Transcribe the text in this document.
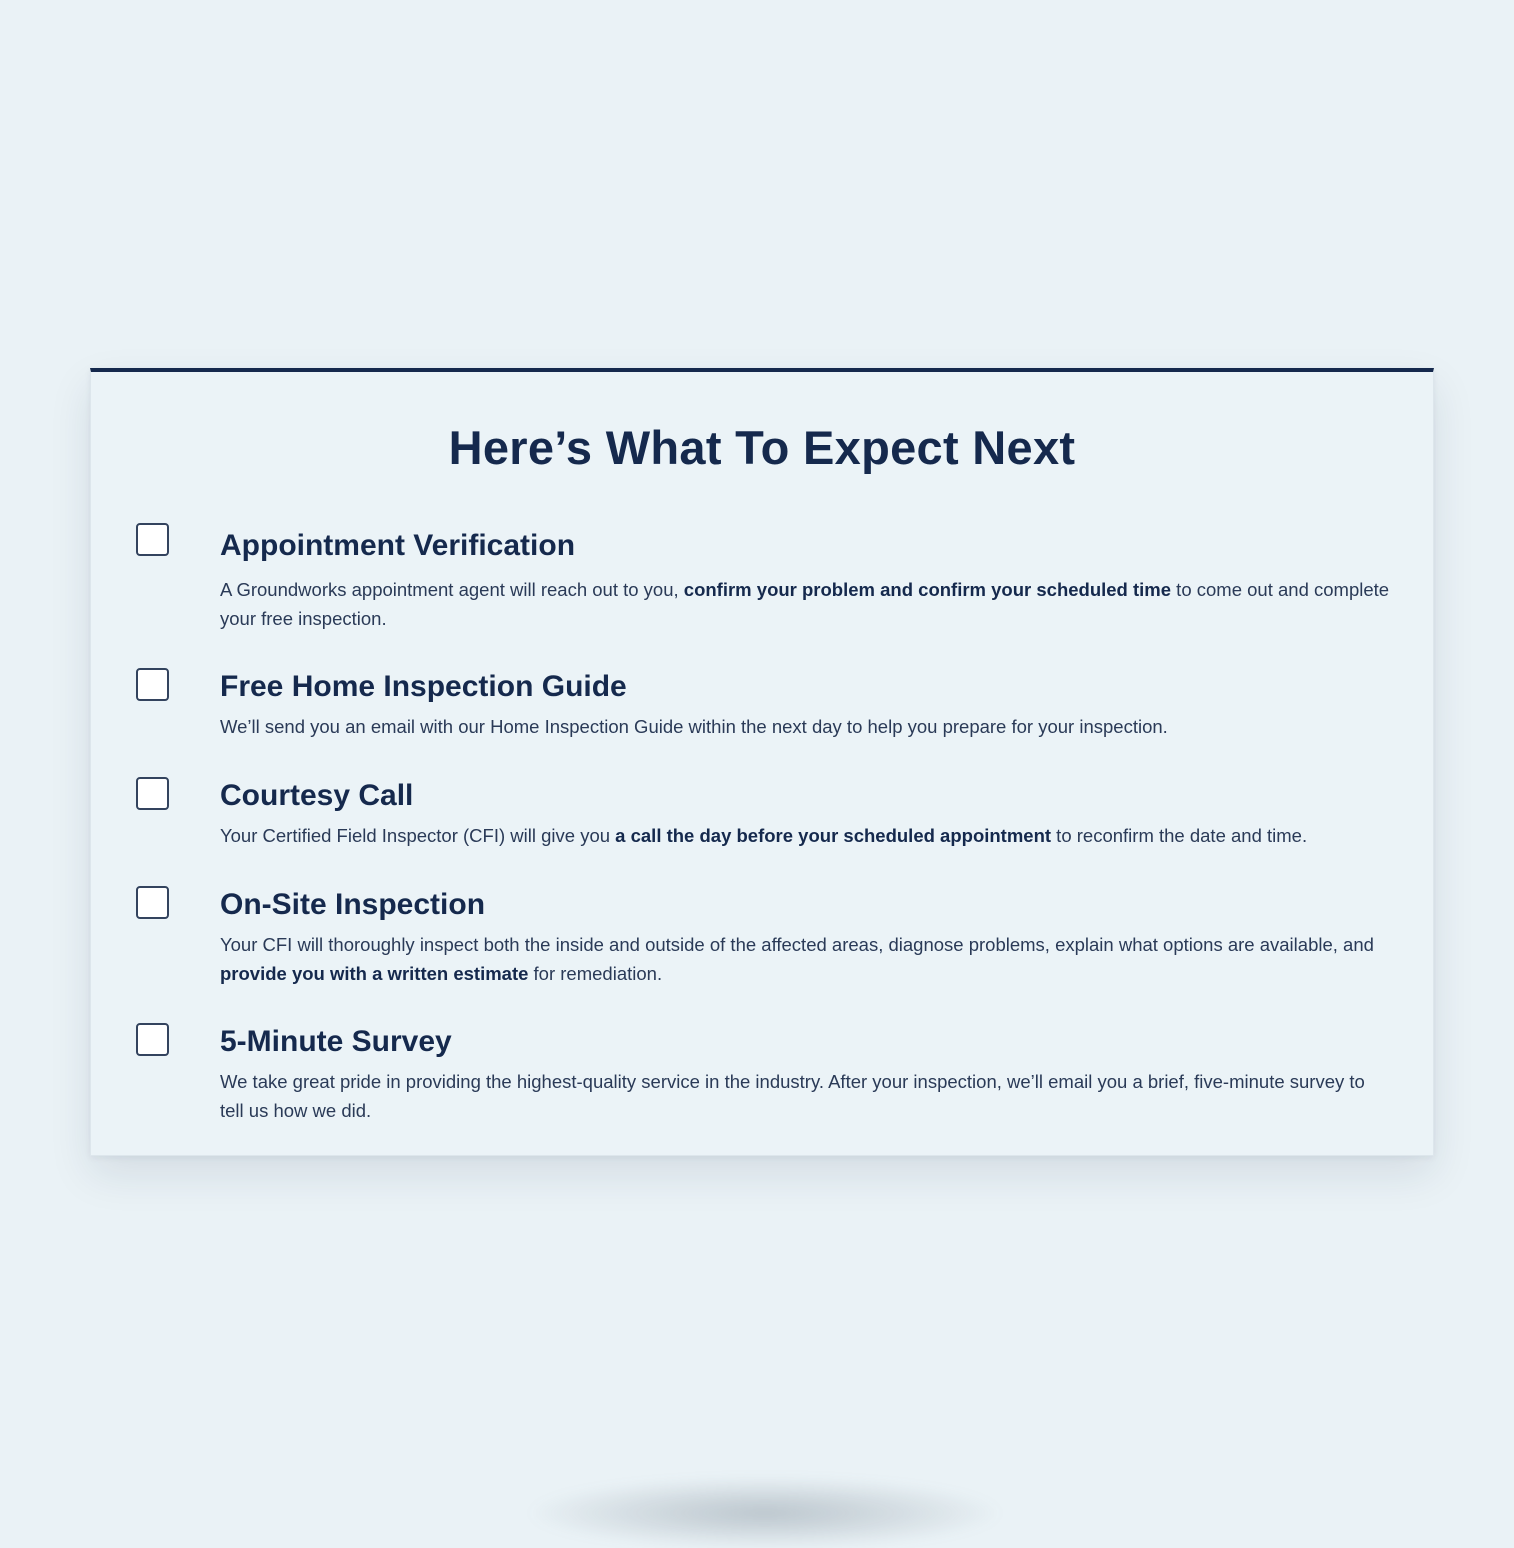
Here’s What To Expect Next
Appointment Verification

A Groundworks appointment agent will reach out to you, confirm your problem and confirm your scheduled time to come out and complete your free inspection.

Free Home Inspection Guide

We’ll send you an email with our Home Inspection Guide within the next day to help you prepare for your inspection.

Courtesy Call

Your Certified Field Inspector (CFI) will give you a call the day before your scheduled appointment to reconfirm the date and time.

On-Site Inspection

Your CFI will thoroughly inspect both the inside and outside of the affected areas, diagnose problems, explain what options are available, and provide you with a written estimate for remediation.

5-Minute Survey

We take great pride in providing the highest-quality service in the industry. After your inspection, we’ll email you a brief, five-minute survey to tell us how we did.
